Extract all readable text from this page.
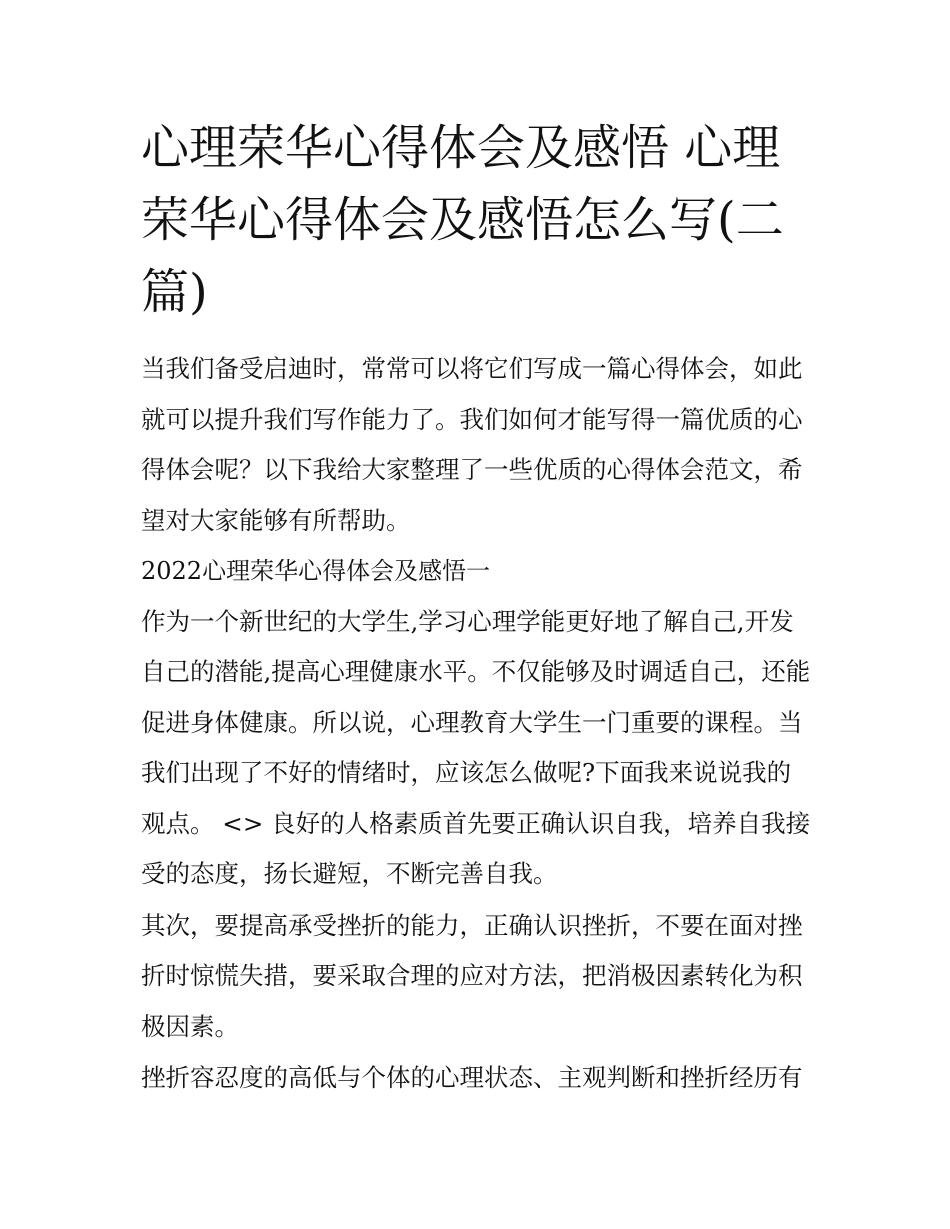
心理荣华心得体会及感悟 心理荣华心得体会及感悟怎么写(二篇)

当我们备受启迪时，常常可以将它们写成一篇心得体会，如此就可以提升我们写作能力了。我们如何才能写得一篇优质的心得体会呢？以下我给大家整理了一些优质的心得体会范文，希望对大家能够有所帮助。

2022心理荣华心得体会及感悟一

作为一个新世纪的大学生,学习心理学能更好地了解自己,开发自己的潜能,提高心理健康水平。不仅能够及时调适自己，还能促进身体健康。所以说，心理教育大学生一门重要的课程。当我们出现了不好的情绪时，应该怎么做呢?下面我来说说我的观点。 <> 良好的人格素质首先要正确认识自我，培养自我接受的态度，扬长避短，不断完善自我。

其次，要提高承受挫折的能力，正确认识挫折，不要在面对挫折时惊慌失措，要采取合理的应对方法，把消极因素转化为积极因素。

挫折容忍度的高低与个体的心理状态、主观判断和挫折经历有
